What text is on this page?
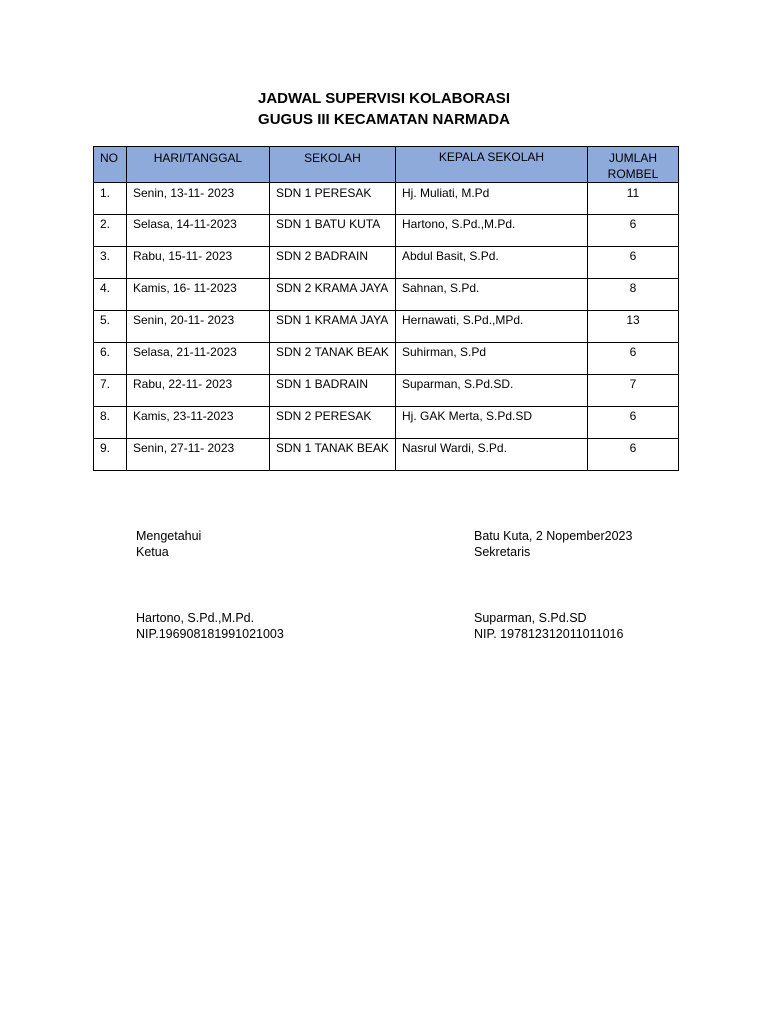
JADWAL SUPERVISI KOLABORASI
GUGUS III KECAMATAN NARMADA
NO	HARI/TANGGAL	SEKOLAH	KEPALA SEKOLAH	JUMLAH
ROMBEL
1.	Senin, 13-11- 2023	SDN 1 PERESAK	Hj. Muliati, M.Pd	11
2.	Selasa, 14-11-2023	SDN 1 BATU KUTA	Hartono, S.Pd.,M.Pd.	6
3.	Rabu, 15-11- 2023	SDN 2 BADRAIN	Abdul Basit, S.Pd.	6
4.	Kamis, 16- 11-2023	SDN 2 KRAMA JAYA	Sahnan, S.Pd.	8
5.	Senin, 20-11- 2023	SDN 1 KRAMA JAYA	Hernawati, S.Pd.,MPd.	13
6.	Selasa, 21-11-2023	SDN 2 TANAK BEAK	Suhirman, S.Pd	6
7.	Rabu, 22-11- 2023	SDN 1 BADRAIN	Suparman, S.Pd.SD.	7
8.	Kamis, 23-11-2023	SDN 2 PERESAK	Hj. GAK Merta, S.Pd.SD	6
9.	Senin, 27-11- 2023	SDN 1 TANAK BEAK	Nasrul Wardi, S.Pd.	6
Mengetahui
Ketua
Hartono, S.Pd.,M.Pd.
NIP.196908181991021003
Batu Kuta, 2 Nopember2023
Sekretaris
Suparman, S.Pd.SD
NIP. 197812312011011016
